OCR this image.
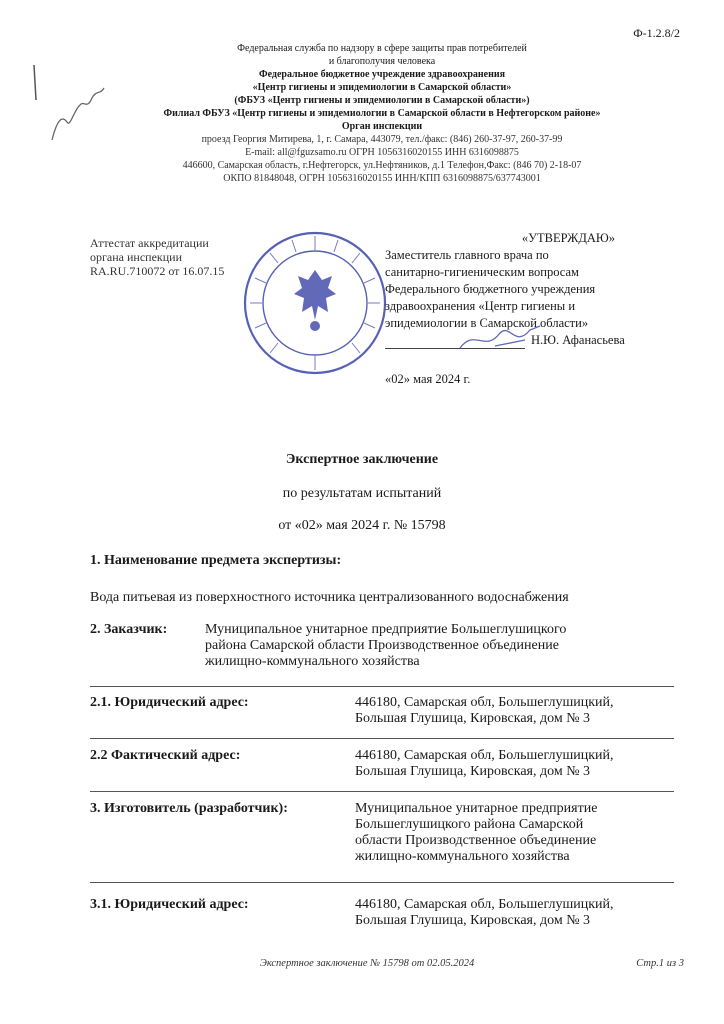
Ф-1.2.8/2
Федеральная служба по надзору в сфере защиты прав потребителей
и благополучия человека
Федеральное бюджетное учреждение здравоохранения
«Центр гигиены и эпидемиологии в Самарской области»
(ФБУЗ «Центр гигиены и эпидемиологии в Самарской области»)
Филиал ФБУЗ «Центр гигиены и эпидемиологии в Самарской области в Нефтегорском районе»
Орган инспекции
проезд Георгия Митирева, 1, г. Самара, 443079, тел./факс: (846) 260-37-97, 260-37-99
E-mail: all@fguzsamo.ru ОГРН 1056316020155 ИНН 6316098875
446600, Самарская область, г.Нефтегорск, ул.Нефтяников, д.1 Телефон,Факс: (846 70) 2-18-07
ОКПО 81848048, ОГРН 1056316020155 ИНН/КПП 6316098875/637743001
Аттестат аккредитации
органа инспекции
RA.RU.710072 от 16.07.15
«УТВЕРЖДАЮ»
Заместитель главного врача по
санитарно-гигиеническим вопросам
Федерального бюджетного учреждения
здравоохранения «Центр гигиены и
эпидемиологии в Самарской области»
Н.Ю. Афанасьева
«02» мая 2024 г.
Экспертное заключение
по результатам испытаний
от «02» мая 2024 г. № 15798
1. Наименование предмета экспертизы:
Вода питьевая из поверхностного источника централизованного водоснабжения
2. Заказчик:	Муниципальное унитарное предприятие Большеглушицкого
района Самарской области Производственное объединение
жилищно-коммунального хозяйства
2.1. Юридический адрес:	446180, Самарская обл, Большеглушицкий,
Большая Глушица, Кировская, дом № 3
2.2 Фактический адрес:	446180, Самарская обл, Большеглушицкий,
Большая Глушица, Кировская, дом № 3
3. Изготовитель (разработчик):	Муниципальное унитарное предприятие
Большеглушицкого района Самарской
области Производственное объединение
жилищно-коммунального хозяйства
3.1. Юридический адрес:	446180, Самарская обл, Большеглушицкий,
Большая Глушица, Кировская, дом № 3
Экспертное заключение № 15798 от 02.05.2024	Стр.1 из 3
